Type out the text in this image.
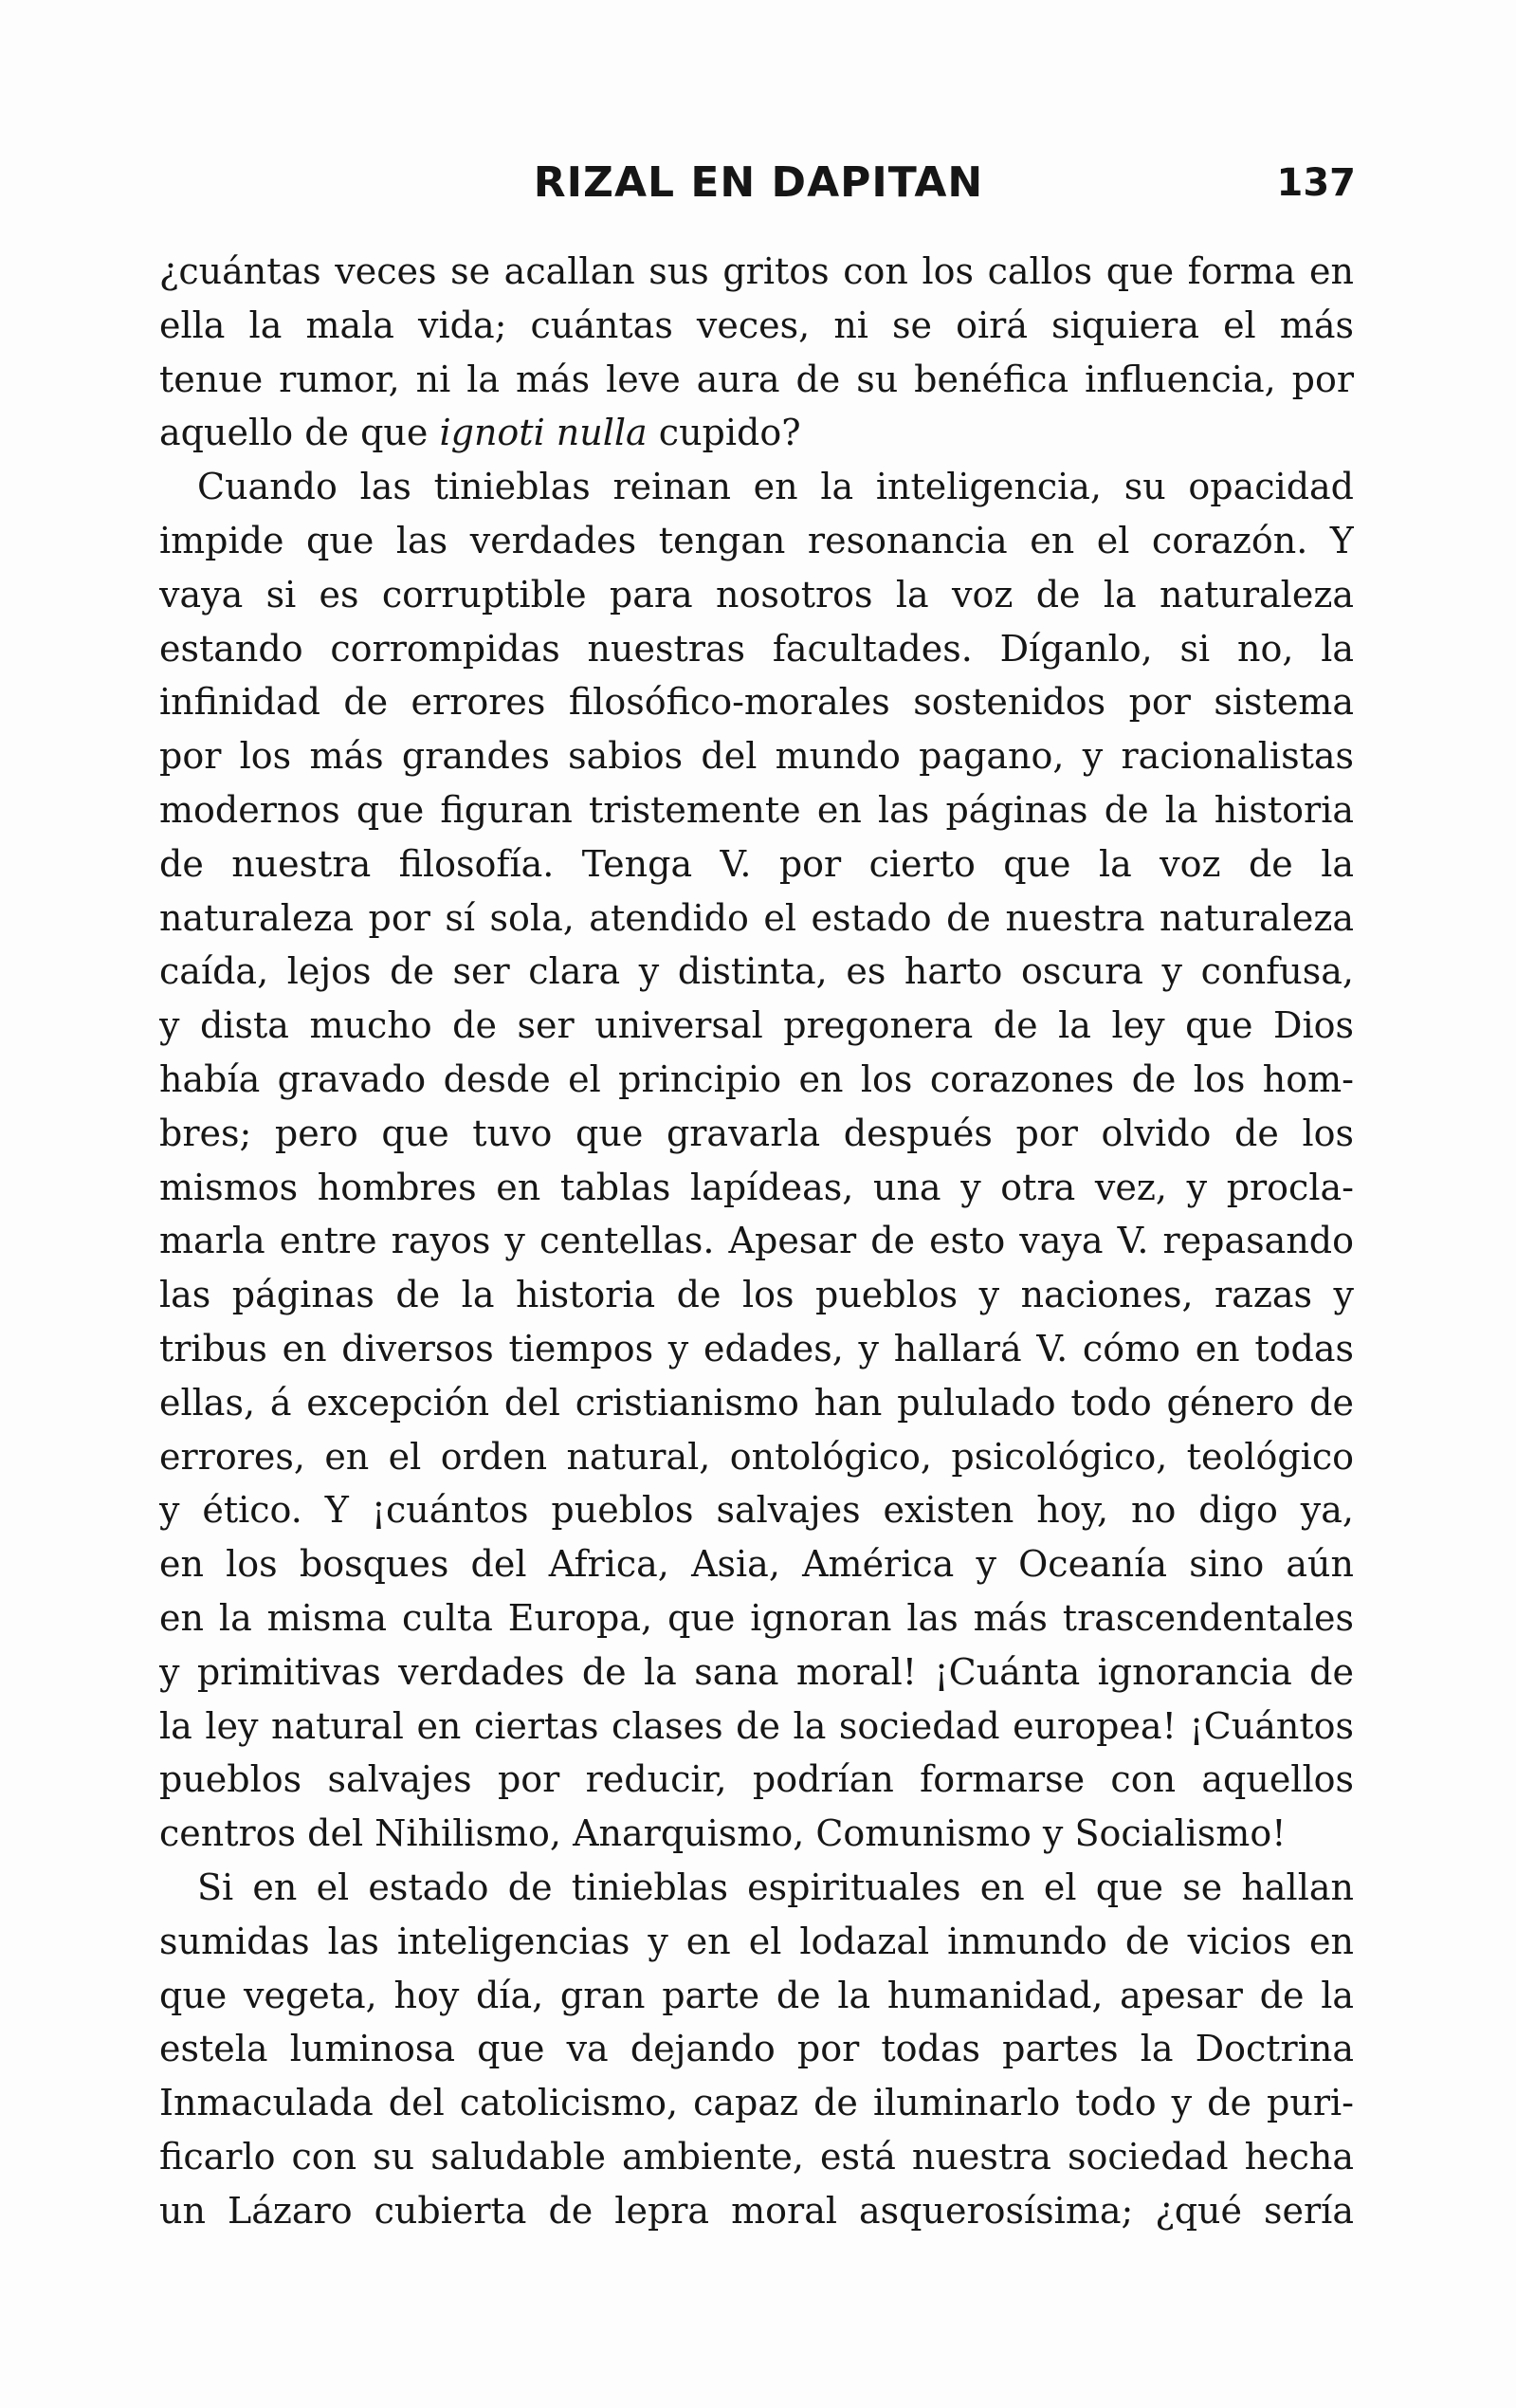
RIZAL EN DAPITAN	137
¿cuántas veces se acallan sus gritos con los callos que forma en
ella la mala vida; cuántas veces, ni se oirá siquiera el más
tenue rumor, ni la más leve aura de su benéfica influencia, por
aquello de que ignoti nulla cupido?
Cuando las tinieblas reinan en la inteligencia, su opacidad
impide que las verdades tengan resonancia en el corazón. Y
vaya si es corruptible para nosotros la voz de la naturaleza
estando corrompidas nuestras facultades. Díganlo, si no, la
infinidad de errores filosófico-morales sostenidos por sistema
por los más grandes sabios del mundo pagano, y racionalistas
modernos que figuran tristemente en las páginas de la historia
de nuestra filosofía. Tenga V. por cierto que la voz de la
naturaleza por sí sola, atendido el estado de nuestra naturaleza
caída, lejos de ser clara y distinta, es harto oscura y confusa,
y dista mucho de ser universal pregonera de la ley que Dios
había gravado desde el principio en los corazones de los hom-
bres; pero que tuvo que gravarla después por olvido de los
mismos hombres en tablas lapídeas, una y otra vez, y procla-
marla entre rayos y centellas. Apesar de esto vaya V. repasando
las páginas de la historia de los pueblos y naciones, razas y
tribus en diversos tiempos y edades, y hallará V. cómo en todas
ellas, á excepción del cristianismo han pululado todo género de
errores, en el orden natural, ontológico, psicológico, teológico
y ético. Y ¡cuántos pueblos salvajes existen hoy, no digo ya,
en los bosques del Africa, Asia, América y Oceanía sino aún
en la misma culta Europa, que ignoran las más trascendentales
y primitivas verdades de la sana moral! ¡Cuánta ignorancia de
la ley natural en ciertas clases de la sociedad europea! ¡Cuántos
pueblos salvajes por reducir, podrían formarse con aquellos
centros del Nihilismo, Anarquismo, Comunismo y Socialismo!
Si en el estado de tinieblas espirituales en el que se hallan
sumidas las inteligencias y en el lodazal inmundo de vicios en
que vegeta, hoy día, gran parte de la humanidad, apesar de la
estela luminosa que va dejando por todas partes la Doctrina
Inmaculada del catolicismo, capaz de iluminarlo todo y de puri-
ficarlo con su saludable ambiente, está nuestra sociedad hecha
un Lázaro cubierta de lepra moral asquerosísima; ¿qué sería
